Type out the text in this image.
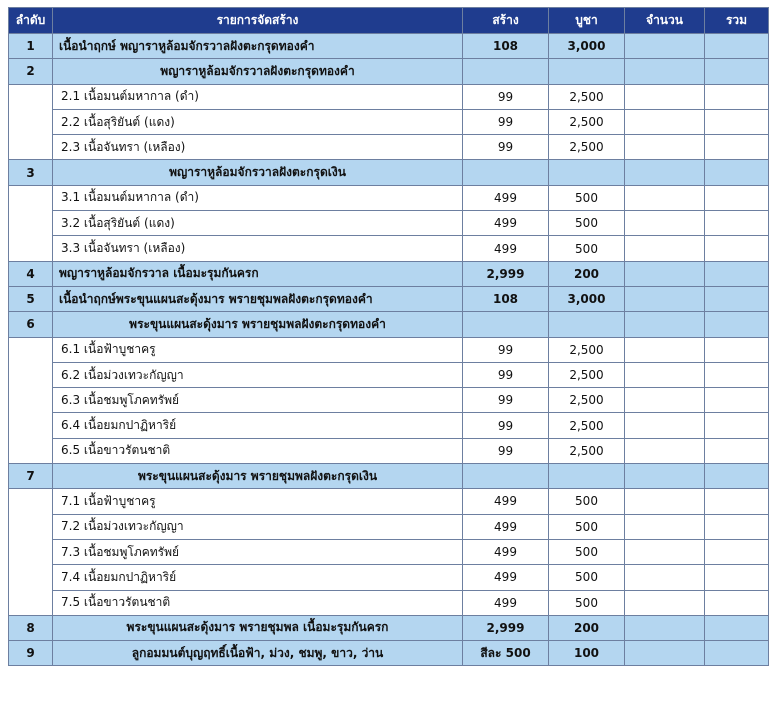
ลำดับ	รายการจัดสร้าง	สร้าง	บูชา	จำนวน	รวม
1	เนื้อนำฤกษ์ พญาราหูล้อมจักรวาลฝังตะกรุดทองคำ	108	3,000		
2	พญาราหูล้อมจักรวาลฝังตะกรุดทองคำ				
	2.1 เนื้อมนต์มหากาล (ดำ)	99	2,500		
	2.2 เนื้อสุริยันต์ (แดง)	99	2,500		
	2.3 เนื้อจันทรา (เหลือง)	99	2,500		
3	พญาราหูล้อมจักรวาลฝังตะกรุดเงิน				
	3.1 เนื้อมนต์มหากาล (ดำ)	499	500		
	3.2 เนื้อสุริยันต์ (แดง)	499	500		
	3.3 เนื้อจันทรา (เหลือง)	499	500		
4	พญาราหูล้อมจักรวาล เนื้อมะรุมกันครก	2,999	200		
5	เนื้อนำฤกษ์พระขุนแผนสะดุ้งมาร พรายชุมพลฝังตะกรุดทองคำ	108	3,000		
6	พระขุนแผนสะดุ้งมาร พรายชุมพลฝังตะกรุดทองคำ				
	6.1 เนื้อฟ้าบูชาครู	99	2,500		
	6.2 เนื้อม่วงเทวะกัญญา	99	2,500		
	6.3 เนื้อชมพูโภคทรัพย์	99	2,500		
	6.4 เนื้อยมกปาฏิหาริย์	99	2,500		
	6.5 เนื้อขาวรัตนชาติ	99	2,500		
7	พระขุนแผนสะดุ้งมาร พรายชุมพลฝังตะกรุดเงิน				
	7.1 เนื้อฟ้าบูชาครู	499	500		
	7.2 เนื้อม่วงเทวะกัญญา	499	500		
	7.3 เนื้อชมพูโภคทรัพย์	499	500		
	7.4 เนื้อยมกปาฏิหาริย์	499	500		
	7.5 เนื้อขาวรัตนชาติ	499	500		
8	พระขุนแผนสะดุ้งมาร พรายชุมพล เนื้อมะรุมกันครก	2,999	200		
9	ลูกอมมนต์บุญฤทธิ์เนื้อฟ้า, ม่วง, ชมพู, ขาว, ว่าน	สีละ 500	100		
